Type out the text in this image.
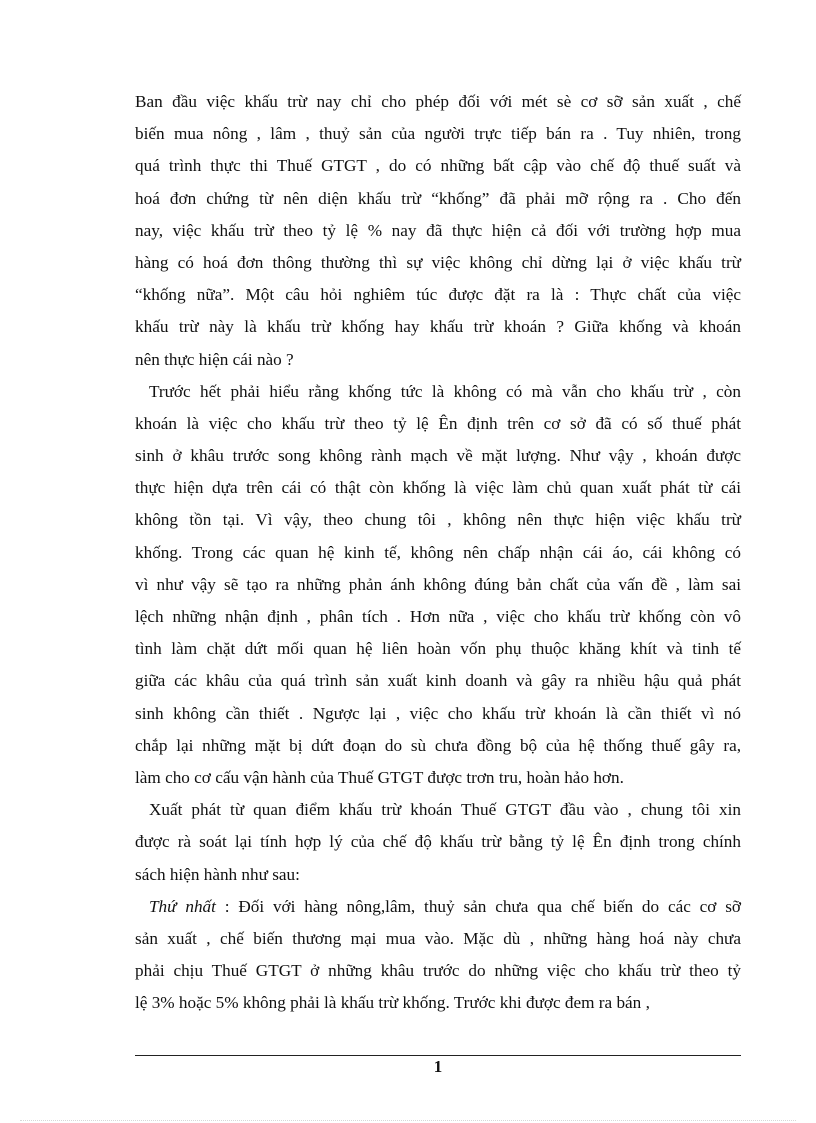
Ban đầu việc khấu trừ nay chỉ cho phép đối với mét sè cơ sỡ sản xuất , chế
biến mua nông , lâm , thuỷ sản của người trực tiếp bán ra . Tuy nhiên, trong
quá trình thực thi Thuế GTGT , do có những bất cập vào chế độ thuế suất và
hoá đơn chứng từ nên diện khấu trừ “khống” đã phải mỡ rộng ra . Cho đến
nay, việc khấu trừ theo tỷ lệ % nay đã thực hiện cả đối với trường hợp mua
hàng có hoá đơn thông thường thì sự việc không chỉ dừng lại ở việc khấu trừ
“khống nữa”. Một câu hỏi nghiêm túc được đặt ra là : Thực chất của việc
khấu trừ này là khấu trừ khống hay khấu trừ khoán ? Giữa khống và khoán
nên thực hiện cái nào ?
Trước hết phải hiểu rằng khống tức là không có mà vẫn cho khấu trừ , còn
khoán là việc cho khấu trừ theo tỷ lệ Ên định trên cơ sở đã có số thuế phát
sinh ở khâu trước song không rành mạch về mặt lượng. Như vậy , khoán được
thực hiện dựa trên cái có thật còn khống là việc làm chủ quan xuất phát từ cái
không tồn tại. Vì vậy, theo chung tôi , không nên thực hiện việc khấu trừ
khống. Trong các quan hệ kinh tế, không nên chấp nhận cái áo, cái không có
vì như vậy sẽ tạo ra những phản ánh không đúng bản chất của vấn đề , làm sai
lệch những nhận định , phân tích . Hơn nữa , việc cho khấu trừ khống còn vô
tình làm chặt dứt mối quan hệ liên hoàn vốn phụ thuộc khăng khít và tinh tế
giữa các khâu của quá trình sản xuất kinh doanh và gây ra nhiều hậu quả phát
sinh không cần thiết . Ngược lại , việc cho khấu trừ khoán là cần thiết vì nó
chắp lại những mặt bị dứt đoạn do sù chưa đồng bộ của hệ thống thuế gây ra,
làm cho cơ cấu vận hành của Thuế GTGT được trơn tru, hoàn hảo hơn.
Xuất phát từ quan điểm khấu trừ khoán Thuế GTGT đầu vào , chung tôi xin
được rà soát lại tính hợp lý của chế độ khấu trừ bằng tỷ lệ Ên định trong chính
sách hiện hành như sau:
Thứ nhất : Đối với hàng nông,lâm, thuỷ sản chưa qua chế biến do các cơ sỡ
sản xuất , chế biến thương mại mua vào. Mặc dù , những hàng hoá này chưa
phải chịu Thuế GTGT ở những khâu trước do những việc cho khấu trừ theo tỷ
lệ 3% hoặc 5% không phải là khấu trừ khống. Trước khi được đem ra bán ,
1
